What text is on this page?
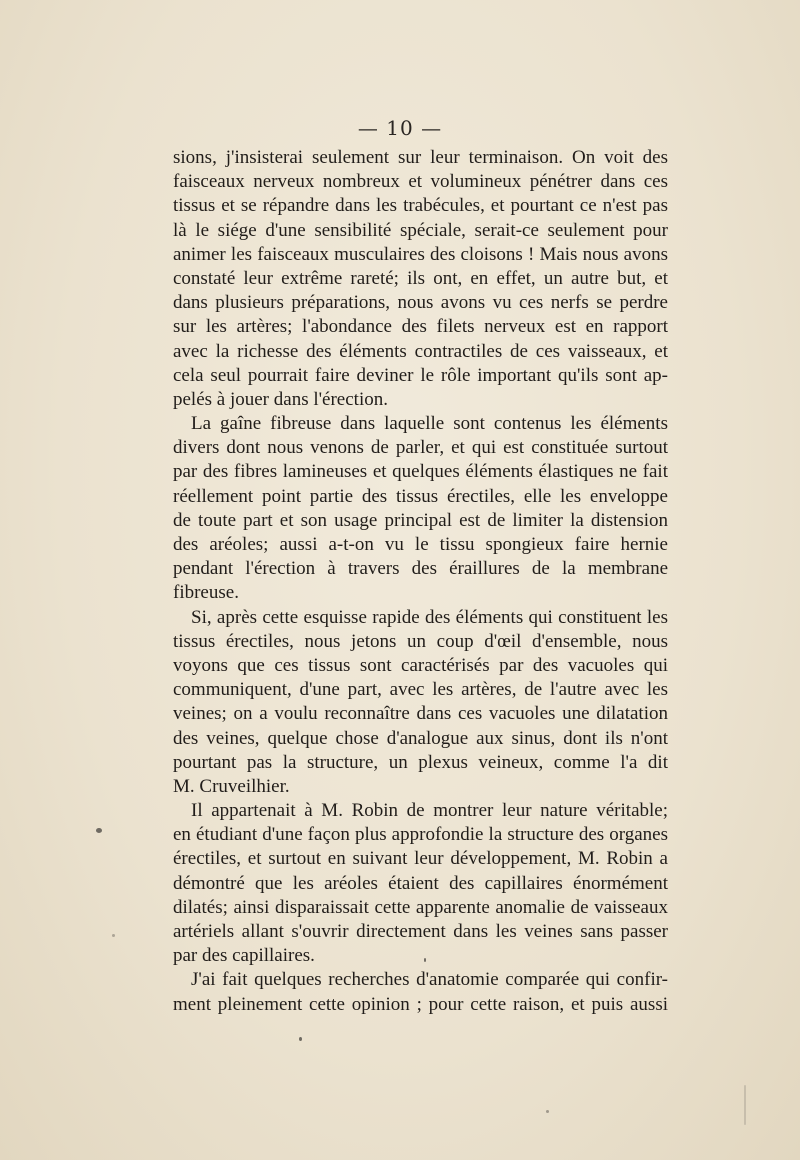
— 10 —
sions, j'insisterai seulement sur leur terminaison. On voit des
faisceaux nerveux nombreux et volumineux pénétrer dans ces
tissus et se répandre dans les trabécules, et pourtant ce n'est pas
là le siége d'une sensibilité spéciale, serait-ce seulement pour
animer les faisceaux musculaires des cloisons ! Mais nous avons
constaté leur extrême rareté; ils ont, en effet, un autre but, et
dans plusieurs préparations, nous avons vu ces nerfs se perdre
sur les artères; l'abondance des filets nerveux est en rapport
avec la richesse des éléments contractiles de ces vaisseaux, et
cela seul pourrait faire deviner le rôle important qu'ils sont ap-
pelés à jouer dans l'érection.
La gaîne fibreuse dans laquelle sont contenus les éléments
divers dont nous venons de parler, et qui est constituée surtout
par des fibres lamineuses et quelques éléments élastiques ne fait
réellement point partie des tissus érectiles, elle les enveloppe
de toute part et son usage principal est de limiter la distension
des aréoles; aussi a-t-on vu le tissu spongieux faire hernie
pendant l'érection à travers des éraillures de la membrane
fibreuse.
Si, après cette esquisse rapide des éléments qui constituent les
tissus érectiles, nous jetons un coup d'œil d'ensemble, nous
voyons que ces tissus sont caractérisés par des vacuoles qui
communiquent, d'une part, avec les artères, de l'autre avec les
veines; on a voulu reconnaître dans ces vacuoles une dilatation
des veines, quelque chose d'analogue aux sinus, dont ils n'ont
pourtant pas la structure, un plexus veineux, comme l'a dit
M. Cruveilhier.
Il appartenait à M. Robin de montrer leur nature véritable;
en étudiant d'une façon plus approfondie la structure des organes
érectiles, et surtout en suivant leur développement, M. Robin a
démontré que les aréoles étaient des capillaires énormément
dilatés; ainsi disparaissait cette apparente anomalie de vaisseaux
artériels allant s'ouvrir directement dans les veines sans passer
par des capillaires.
J'ai fait quelques recherches d'anatomie comparée qui confir-
ment pleinement cette opinion ; pour cette raison, et puis aussi
